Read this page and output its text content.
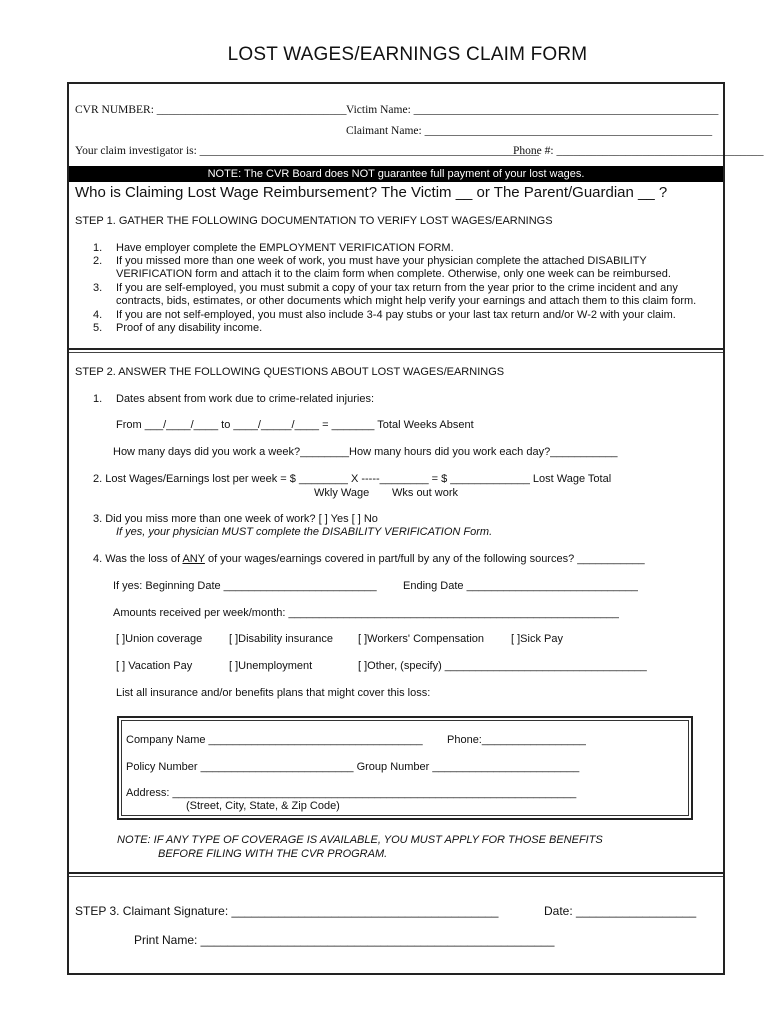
LOST WAGES/EARNINGS CLAIM FORM
CVR NUMBER: _________________________________ Victim Name: _____________________________________________________
Claimant Name: __________________________________________________
Your claim investigator is: ___________________________________________________________
Phone #: ____________________________________
NOTE: The CVR Board does NOT guarantee full payment of your lost wages.
Who is Claiming Lost Wage Reimbursement? The Victim __ or The Parent/Guardian __ ?
STEP 1. GATHER THE FOLLOWING DOCUMENTATION TO VERIFY LOST WAGES/EARNINGS
1. Have employer complete the EMPLOYMENT VERIFICATION FORM.
2. If you missed more than one week of work, you must have your physician complete the attached DISABILITY
VERIFICATION form and attach it to the claim form when complete. Otherwise, only one week can be reimbursed.
3. If you are self-employed, you must submit a copy of your tax return from the year prior to the crime incident and any
contracts, bids, estimates, or other documents which might help verify your earnings and attach them to this claim form.
4. If you are not self-employed, you must also include 3-4 pay stubs or your last tax return and/or W-2 with your claim.
5. Proof of any disability income.
STEP 2. ANSWER THE FOLLOWING QUESTIONS ABOUT LOST WAGES/EARNINGS
1. Dates absent from work due to crime-related injuries:
From ___/____/____ to ____/_____/____ = _______ Total Weeks Absent
How many days did you work a week?________How many hours did you work each day?___________
2. Lost Wages/Earnings lost per week = $ ________ X -----________ = $ _____________ Lost Wage Total
Wkly Wage Wks out work
3. Did you miss more than one week of work? [ ] Yes [ ] No
If yes, your physician MUST complete the DISABILITY VERIFICATION Form.
4. Was the loss of ANY of your wages/earnings covered in part/full by any of the following sources? ___________
If yes: Beginning Date _________________________ Ending Date ____________________________
Amounts received per week/month: ______________________________________________________
[ ]Union coverage [ ]Disability insurance [ ]Workers' Compensation [ ]Sick Pay
[ ] Vacation Pay	[ ]Unemployment	[ ]Other, (specify) _________________________________
List all insurance and/or benefits plans that might cover this loss:
Company Name ___________________________________ Phone:_________________
Policy Number _________________________ Group Number ________________________
Address: __________________________________________________________________
(Street, City, State, & Zip Code)
NOTE: IF ANY TYPE OF COVERAGE IS AVAILABLE, YOU MUST APPLY FOR THOSE BENEFITS
BEFORE FILING WITH THE CVR PROGRAM.
STEP 3. Claimant Signature: ________________________________________	Date: __________________
Print Name: _____________________________________________________
